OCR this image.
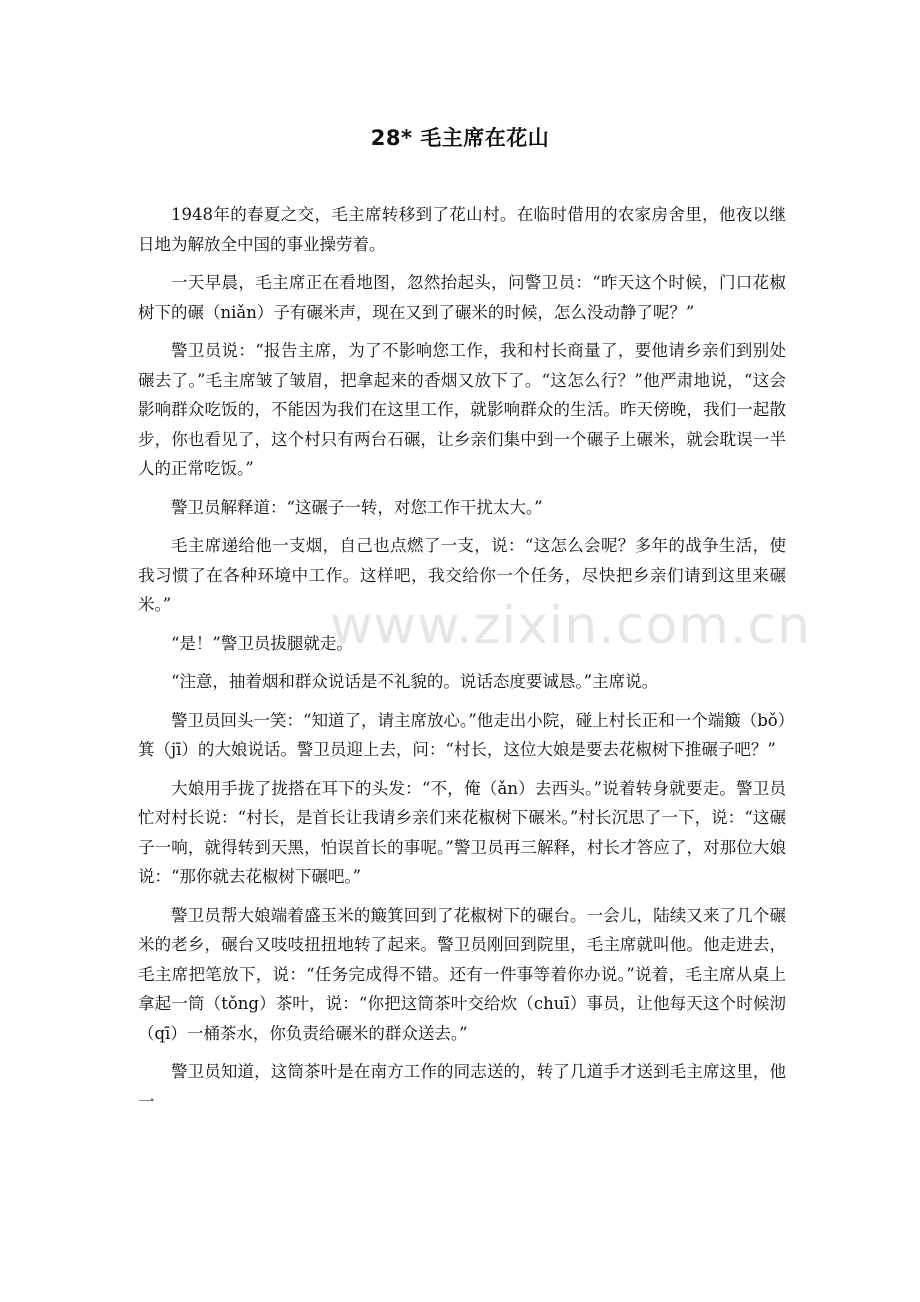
www.zixin.com.cn
28* 毛主席在花山

1948年的春夏之交，毛主席转移到了花山村。在临时借用的农家房舍里，他夜以继日地为解放全中国的事业操劳着。

一天早晨，毛主席正在看地图，忽然抬起头，问警卫员：“昨天这个时候，门口花椒树下的碾（niǎn）子有碾米声，现在又到了碾米的时候，怎么没动静了呢？”

警卫员说：“报告主席，为了不影响您工作，我和村长商量了，要他请乡亲们到别处碾去了。”毛主席皱了皱眉，把拿起来的香烟又放下了。“这怎么行？”他严肃地说，“这会影响群众吃饭的，不能因为我们在这里工作，就影响群众的生活。昨天傍晚，我们一起散步，你也看见了，这个村只有两台石碾，让乡亲们集中到一个碾子上碾米，就会耽误一半人的正常吃饭。”

警卫员解释道：“这碾子一转，对您工作干扰太大。”

毛主席递给他一支烟，自己也点燃了一支，说：“这怎么会呢？多年的战争生活，使我习惯了在各种环境中工作。这样吧，我交给你一个任务，尽快把乡亲们请到这里来碾米。”

“是！”警卫员拔腿就走。

“注意，抽着烟和群众说话是不礼貌的。说话态度要诚恳。”主席说。

警卫员回头一笑：“知道了，请主席放心。”他走出小院，碰上村长正和一个端簸（bǒ）箕（jī）的大娘说话。警卫员迎上去，问：“村长，这位大娘是要去花椒树下推碾子吧？”

大娘用手拢了拢搭在耳下的头发：“不，俺（ǎn）去西头。”说着转身就要走。警卫员忙对村长说：“村长，是首长让我请乡亲们来花椒树下碾米。”村长沉思了一下，说：“这碾子一响，就得转到天黑，怕误首长的事呢。”警卫员再三解释，村长才答应了，对那位大娘说：“那你就去花椒树下碾吧。”

警卫员帮大娘端着盛玉米的簸箕回到了花椒树下的碾台。一会儿，陆续又来了几个碾米的老乡，碾台又吱吱扭扭地转了起来。警卫员刚回到院里，毛主席就叫他。他走进去，毛主席把笔放下，说：“任务完成得不错。还有一件事等着你办说。”说着，毛主席从桌上拿起一筒（tǒng）茶叶，说：“你把这筒茶叶交给炊（chuī）事员，让他每天这个时候沏（qī）一桶茶水，你负责给碾米的群众送去。”

警卫员知道，这筒茶叶是在南方工作的同志送的，转了几道手才送到毛主席这里，他一
